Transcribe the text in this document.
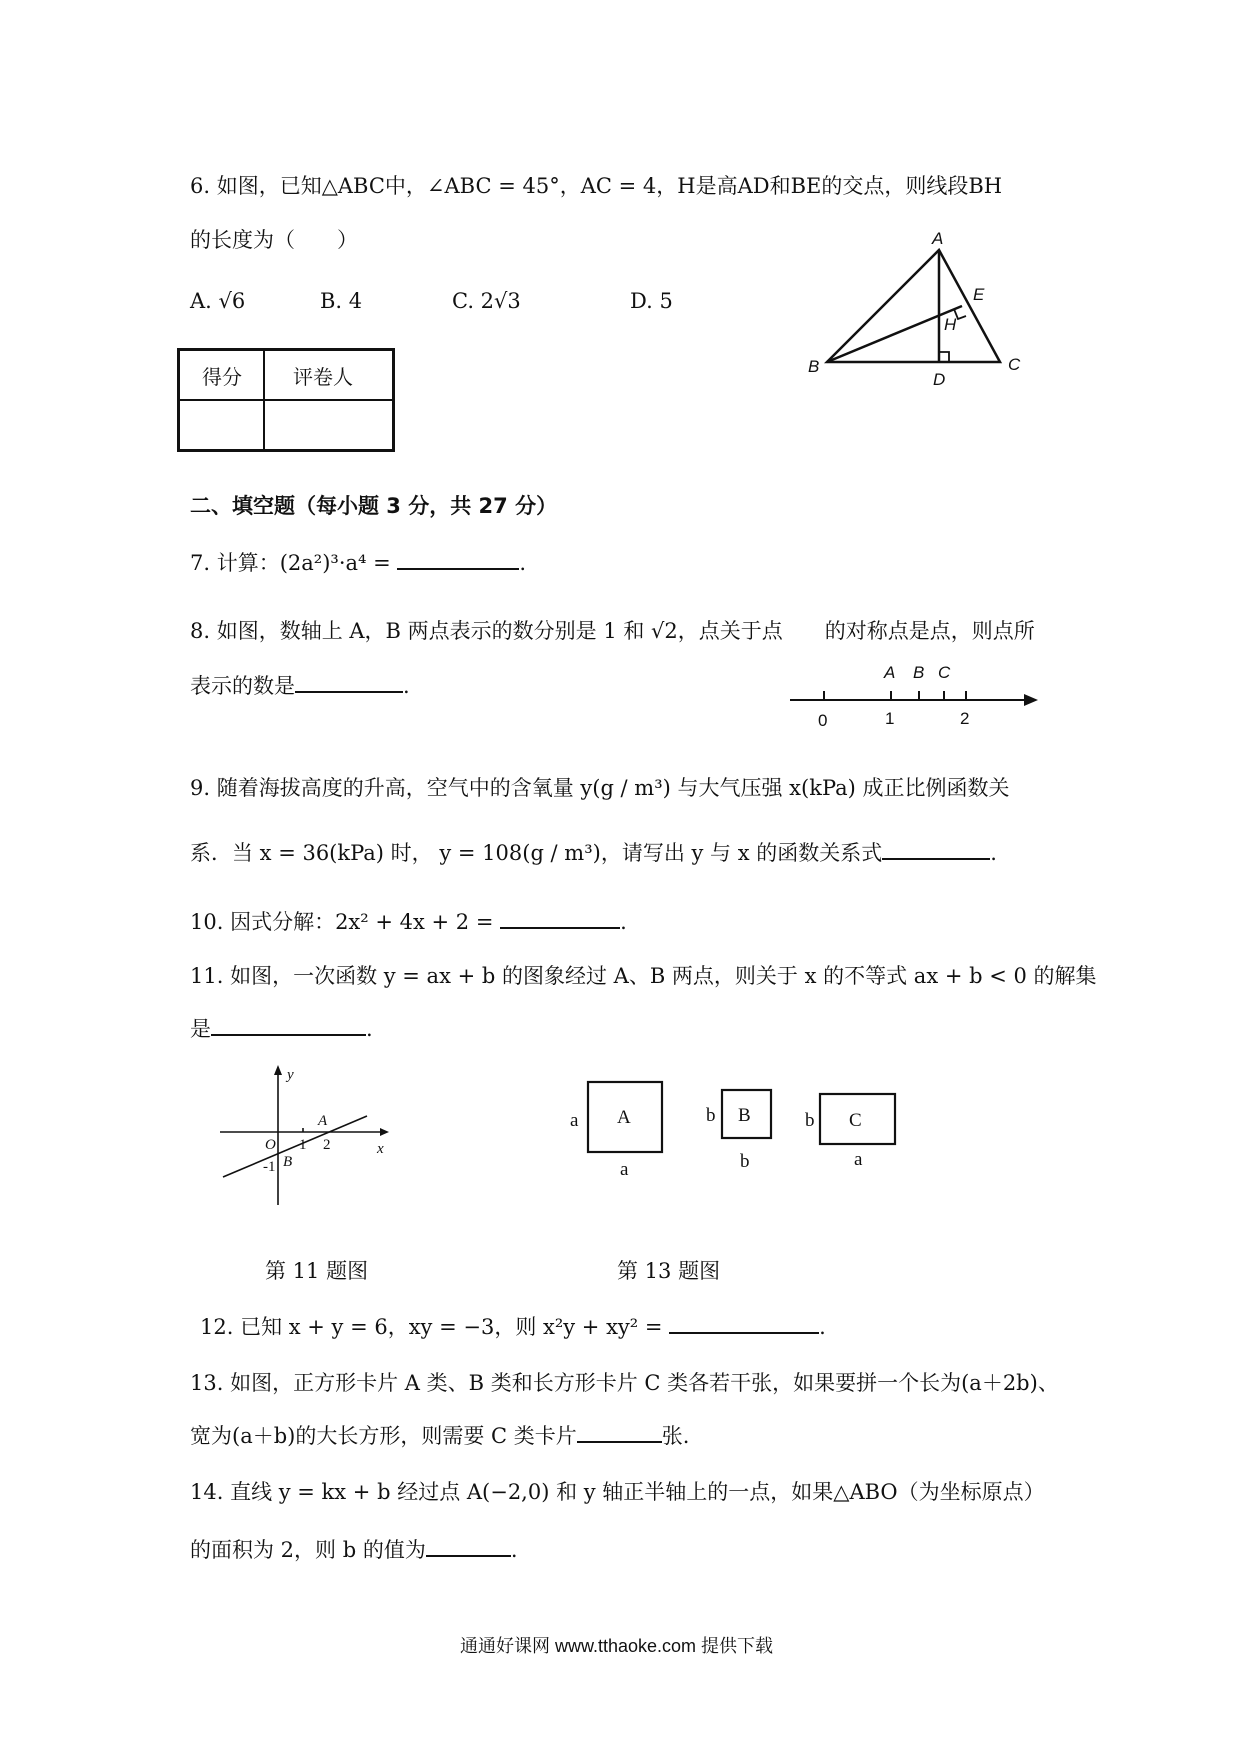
6. 如图，已知△ABC中，∠ABC = 45°，AC = 4，H是高AD和BE的交点，则线段BH
的长度为（　　）
A. √6	B. 4	C. 2√3	D. 5
A
E
H
B
D
C
得分	评卷人
二、填空题（每小题 3 分，共 27 分）
7. 计算：(2a²)³·a⁴ =	.
8. 如图，数轴上 A，B 两点表示的数分别是 1 和 √2，点关于点　　的对称点是点，则点所
表示的数是	.
A B C
0	1	2
9. 随着海拔高度的升高，空气中的含氧量 y(g / m³) 与大气压强 x(kPa) 成正比例函数关
系．当 x = 36(kPa) 时， y = 108(g / m³)，请写出 y 与 x 的函数关系式	.
10. 因式分解：2x² + 4x + 2 =	.
11. 如图，一次函数 y = ax + b 的图象经过 A、B 两点，则关于 x 的不等式 ax + b < 0 的解集
是	.
y
A
O 1 2	x
-1 B
A
a
a
B
b
b
C
b
a
第 11 题图	第 13 题图
12. 已知 x + y = 6，xy = −3，则 x²y + xy² =	.
13. 如图，正方形卡片 A 类、B 类和长方形卡片 C 类各若干张，如果要拼一个长为(a＋2b)、
宽为(a＋b)的大长方形，则需要 C 类卡片	张.
14. 直线 y = kx + b 经过点 A(−2,0) 和 y 轴正半轴上的一点，如果△ABO（为坐标原点）
的面积为 2，则 b 的值为	.
通通好课网 www.tthaoke.com 提供下载
